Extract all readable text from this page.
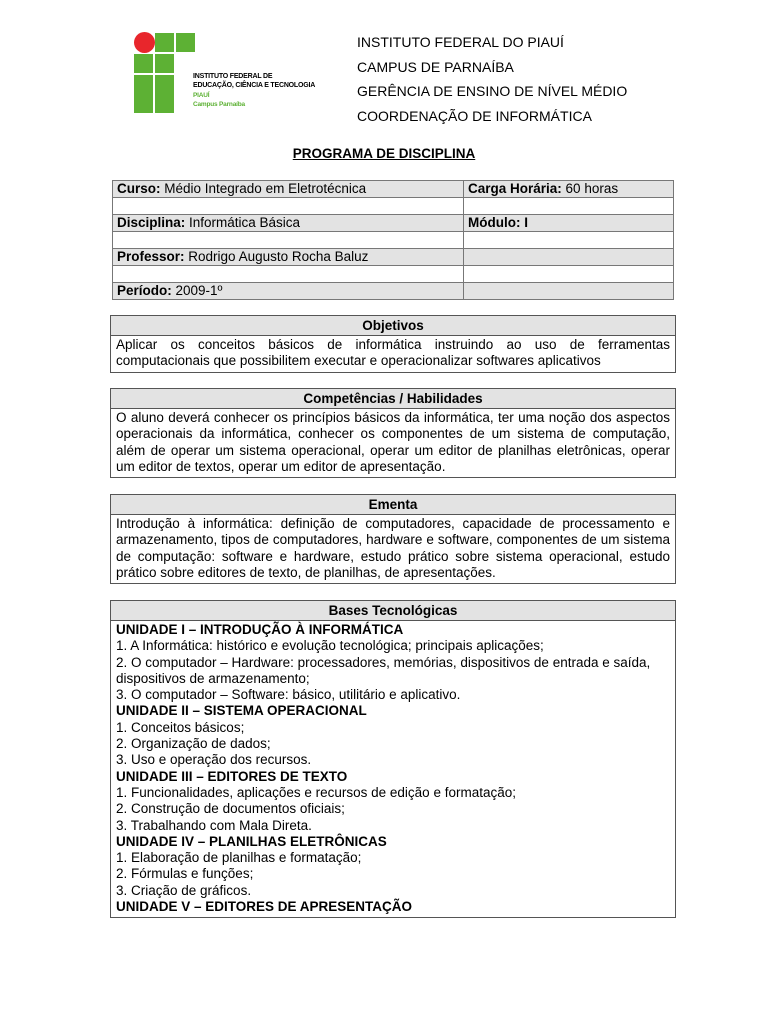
INSTITUTO FEDERAL DE
EDUCAÇÃO, CIÊNCIA E TECNOLOGIA
PIAUÍ
Campus Parnaíba
INSTITUTO FEDERAL DO PIAUÍ
CAMPUS DE PARNAÍBA
GERÊNCIA DE ENSINO DE NÍVEL MÉDIO
COORDENAÇÃO DE INFORMÁTICA
PROGRAMA DE DISCIPLINA
Curso: Médio Integrado em Eletrotécnica	Carga Horária: 60 horas

Disciplina: Informática Básica	Módulo: I

Professor: Rodrigo Augusto Rocha Baluz	

Período: 2009-1º	
Objetivos
Aplicar os conceitos básicos de informática instruindo ao uso de ferramentas computacionais que possibilitem executar e operacionalizar softwares aplicativos
Competências / Habilidades
O aluno deverá conhecer os princípios básicos da informática, ter uma noção dos aspectos operacionais da informática, conhecer os componentes de um sistema de computação, além de operar um sistema operacional, operar um editor de planilhas eletrônicas, operar um editor de textos, operar um editor de apresentação.
Ementa
Introdução à informática: definição de computadores, capacidade de processamento e armazenamento, tipos de computadores, hardware e software, componentes de um sistema de computação: software e hardware, estudo prático sobre sistema operacional, estudo prático sobre editores de texto, de planilhas, de apresentações.
Bases Tecnológicas
UNIDADE I – INTRODUÇÃO À INFORMÁTICA
1. A Informática: histórico e evolução tecnológica; principais aplicações;
2. O computador – Hardware: processadores, memórias, dispositivos de entrada e saída, dispositivos de armazenamento;
3. O computador – Software: básico, utilitário e aplicativo.
UNIDADE II – SISTEMA OPERACIONAL
1. Conceitos básicos;
2. Organização de dados;
3. Uso e operação dos recursos.
UNIDADE III – EDITORES DE TEXTO
1. Funcionalidades, aplicações e recursos de edição e formatação;
2. Construção de documentos oficiais;
3. Trabalhando com Mala Direta.
UNIDADE IV – PLANILHAS ELETRÔNICAS
1. Elaboração de planilhas e formatação;
2. Fórmulas e funções;
3. Criação de gráficos.
UNIDADE V – EDITORES DE APRESENTAÇÃO
